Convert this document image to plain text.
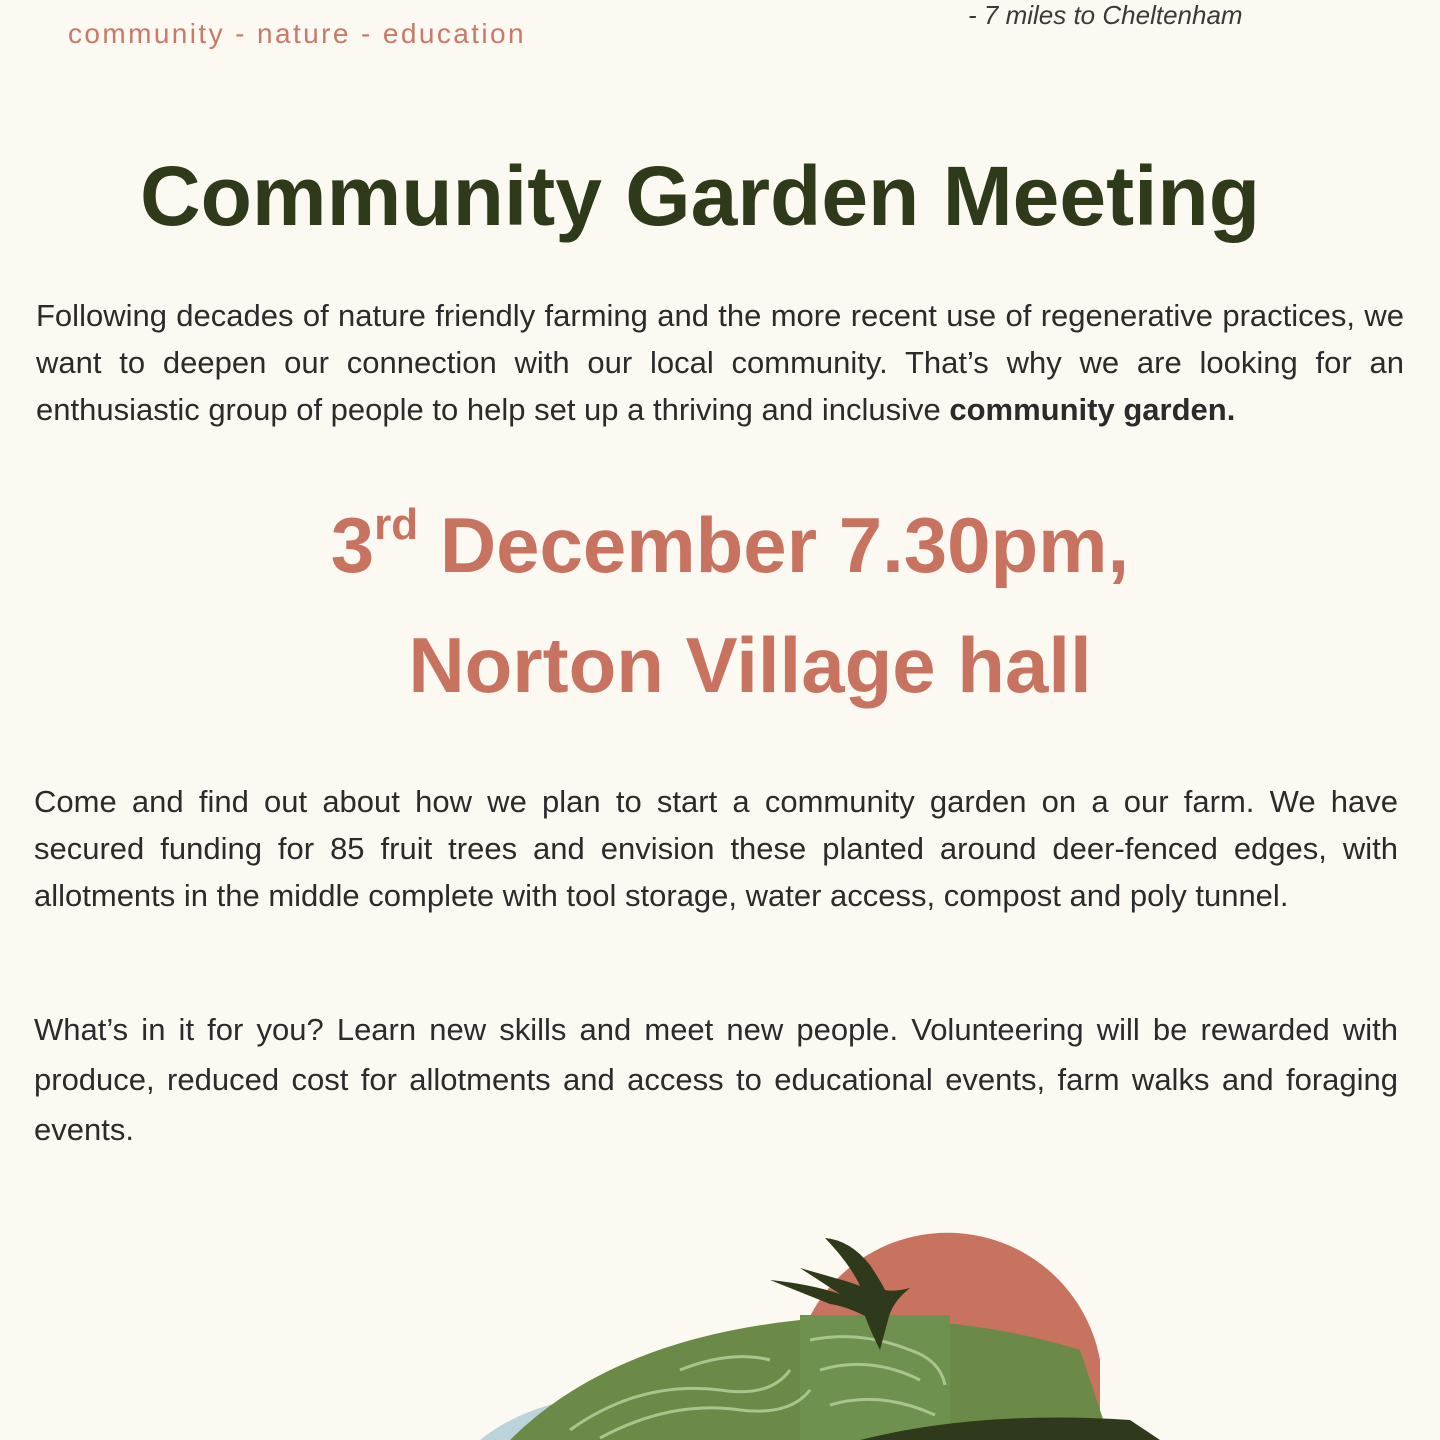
community - nature - education
- 7 miles to Cheltenham
Community Garden Meeting

Following decades of nature friendly farming and the more recent use of regenerative practices, we want to deepen our connection with our local community. That’s why we are looking for an enthusiastic group of people to help set up a thriving and inclusive community garden.

3rd December 7.30pm,
Norton Village hall

Come and find out about how we plan to start a community garden on a our farm. We have secured funding for 85 fruit trees and envision these planted around deer-fenced edges, with allotments in the middle complete with tool storage, water access, compost and poly tunnel.

What’s in it for you? Learn new skills and meet new people. Volunteering will be rewarded with produce, reduced cost for allotments and access to educational events, farm walks and foraging events.
